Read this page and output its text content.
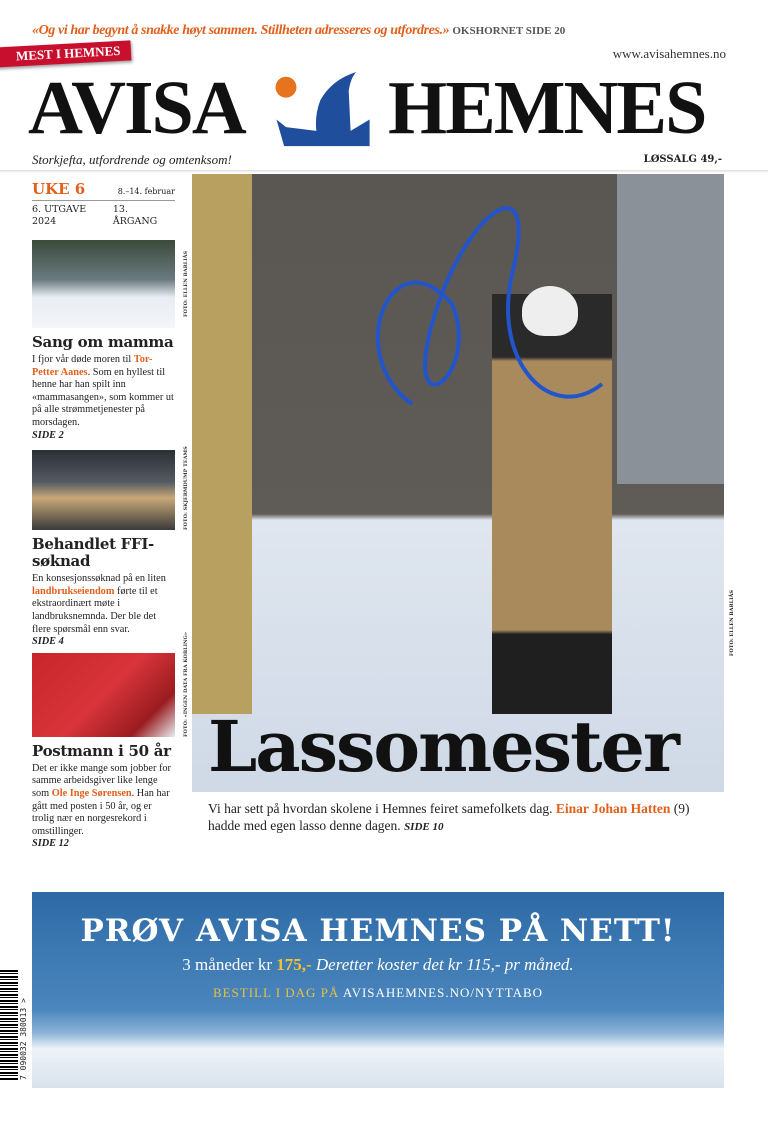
«Og vi har begynt å snakke høyt sammen. Stillheten adresseres og utfordres.» OKSHORNET SIDE 20
www.avisahemnes.no
MEST I HEMNES
AVISA HEMNES
Storkjefta, utfordrende og omtenksom!	LØSSALG 49,-
UKE 6	8.–14. februar
6. UTGAVE 2024
13. ÅRGANG
FOTO: ELLEN BARLIÅS
Sang om mamma

I fjor vår døde moren til Tor-Petter Aanes. Som en hyllest til henne har han spilt inn «mammasangen», som kommer ut på alle strømmetjenester på morsdagen.
SIDE 2

FOTO: SKJERMDUMP TEAMS
Behandlet FFI-søknad

En konsesjonssøknad på en liten landbrukseiendom førte til et ekstraordinært møte i landbruksnemnda. Der ble det flere spørsmål enn svar.
SIDE 4	FOTO: «INGEN DATA FRA KOBLING»
Postmann i 50 år

Det er ikke mange som jobber for samme arbeidsgiver like lenge som Ole Inge Sørensen. Han har gått med posten i 50 år, og er trolig nær en norgesrekord i omstillinger.
SIDE 12

FOTO: ELLEN BARLIÅS
Lassomester
Vi har sett på hvordan skolene i Hemnes feiret samefolkets dag. Einar Johan Hatten (9) hadde med egen lasso denne dagen. SIDE 10
PRØV AVISA HEMNES PÅ NETT!
3 måneder kr 175,- Deretter koster det kr 115,- pr måned.
BESTILL I DAG PÅ AVISAHEMNES.NO/NYTTABO
7 090032 380013 >
